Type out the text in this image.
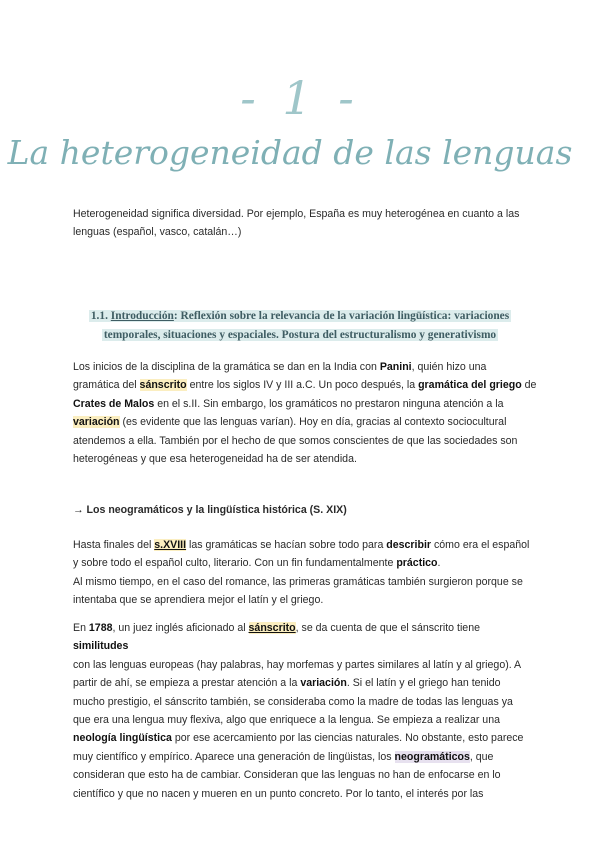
- 1 -
La heterogeneidad de las lenguas

Heterogeneidad significa diversidad. Por ejemplo, España es muy heterogénea en cuanto a las
lenguas (español, vasco, catalán…)

1.1. Introducción: Reflexión sobre la relevancia de la variación lingüística: variaciones
temporales, situaciones y espaciales. Postura del estructuralismo y generativismo

Los inicios de la disciplina de la gramática se dan en la India con Panini, quién hizo una
gramática del sánscrito entre los siglos IV y III a.C. Un poco después, la gramática del griego de
Crates de Malos en el s.II. Sin embargo, los gramáticos no prestaron ninguna atención a la
variación (es evidente que las lenguas varían). Hoy en día, gracias al contexto sociocultural
atendemos a ella. También por el hecho de que somos conscientes de que las sociedades son
heterogéneas y que esa heterogeneidad ha de ser atendida.

→ Los neogramáticos y la lingüística histórica (S. XIX)

Hasta finales del s.XVIII las gramáticas se hacían sobre todo para describir cómo era el español
y sobre todo el español culto, literario. Con un fin fundamentalmente práctico.
Al mismo tiempo, en el caso del romance, las primeras gramáticas también surgieron porque se
intentaba que se aprendiera mejor el latín y el griego.

En 1788, un juez inglés aficionado al sánscrito, se da cuenta de que el sánscrito tiene similitudes
con las lenguas europeas (hay palabras, hay morfemas y partes similares al latín y al griego). A
partir de ahí, se empieza a prestar atención a la variación. Si el latín y el griego han tenido
mucho prestigio, el sánscrito también, se consideraba como la madre de todas las lenguas ya
que era una lengua muy flexiva, algo que enriquece a la lengua. Se empieza a realizar una
neología lingüística por ese acercamiento por las ciencias naturales. No obstante, esto parece
muy científico y empírico. Aparece una generación de lingüistas, los neogramáticos, que
consideran que esto ha de cambiar. Consideran que las lenguas no han de enfocarse en lo
científico y que no nacen y mueren en un punto concreto. Por lo tanto, el interés por las
